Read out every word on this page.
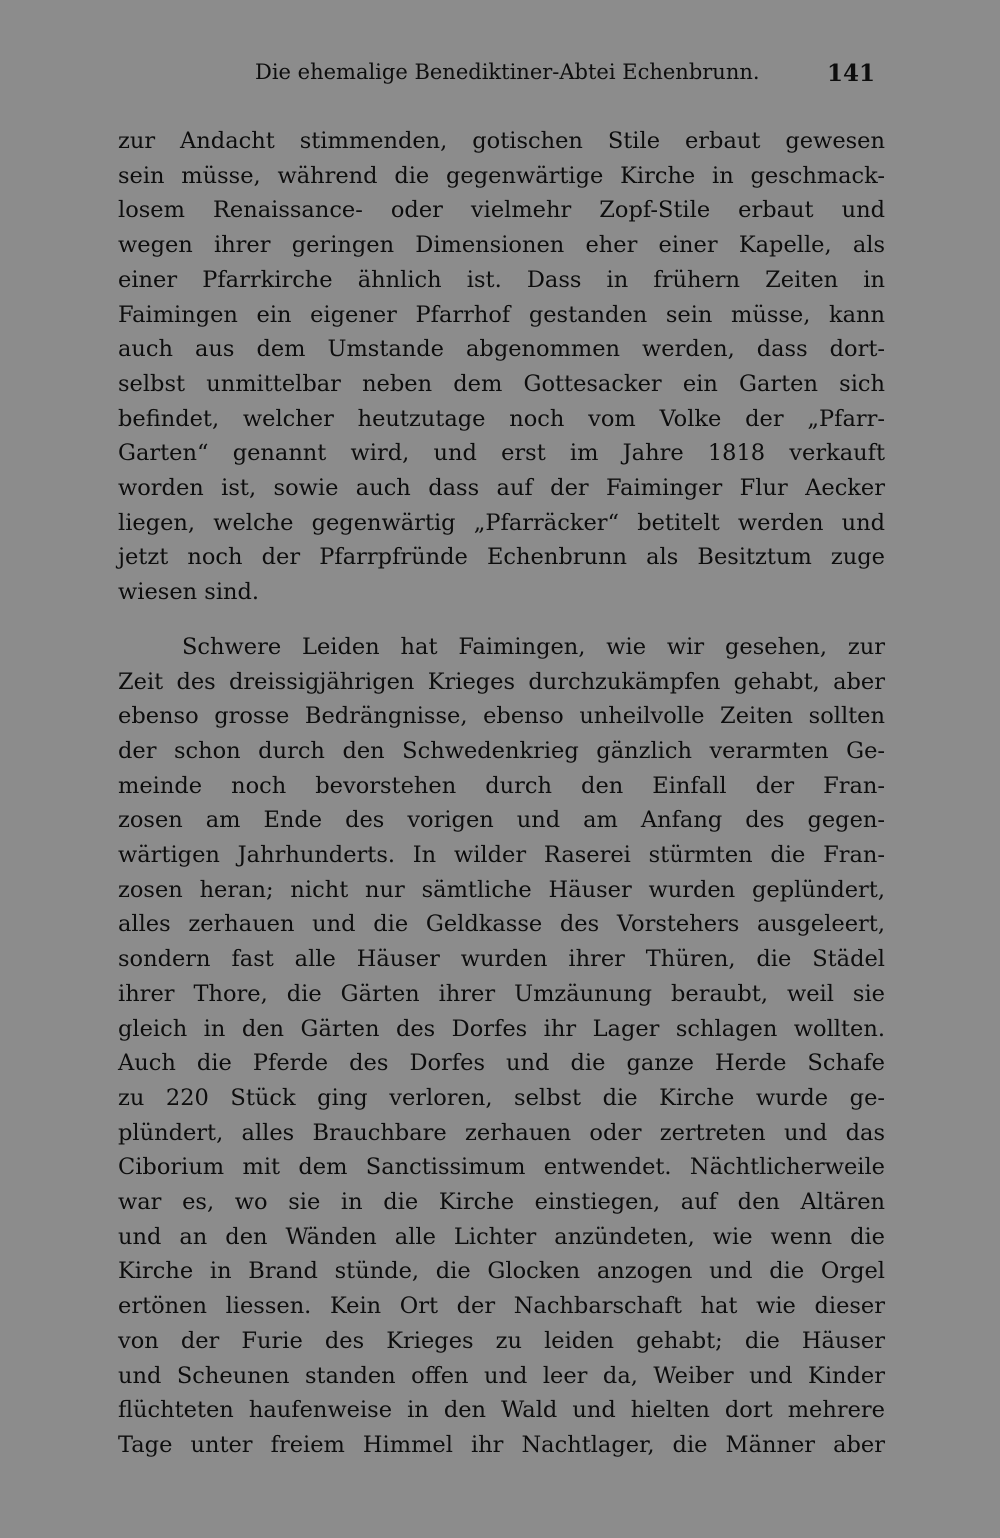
Die ehemalige Benediktiner-Abtei Echenbrunn.	141
zur Andacht stimmenden, gotischen Stile erbaut gewesen
sein müsse, während die gegenwärtige Kirche in geschmack-
losem Renaissance- oder vielmehr Zopf-Stile erbaut und
wegen ihrer geringen Dimensionen eher einer Kapelle, als
einer Pfarrkirche ähnlich ist. Dass in frühern Zeiten in
Faimingen ein eigener Pfarrhof gestanden sein müsse, kann
auch aus dem Umstande abgenommen werden, dass dort-
selbst unmittelbar neben dem Gottesacker ein Garten sich
befindet, welcher heutzutage noch vom Volke der „Pfarr-
Garten“ genannt wird, und erst im Jahre 1818 verkauft
worden ist, sowie auch dass auf der Faiminger Flur Aecker
liegen, welche gegenwärtig „Pfarräcker“ betitelt werden und
jetzt noch der Pfarrpfründe Echenbrunn als Besitztum zuge
wiesen sind.
Schwere Leiden hat Faimingen, wie wir gesehen, zur
Zeit des dreissigjährigen Krieges durchzukämpfen gehabt, aber
ebenso grosse Bedrängnisse, ebenso unheilvolle Zeiten sollten
der schon durch den Schwedenkrieg gänzlich verarmten Ge-
meinde noch bevorstehen durch den Einfall der Fran-
zosen am Ende des vorigen und am Anfang des gegen-
wärtigen Jahrhunderts. In wilder Raserei stürmten die Fran-
zosen heran; nicht nur sämtliche Häuser wurden geplündert,
alles zerhauen und die Geldkasse des Vorstehers ausgeleert,
sondern fast alle Häuser wurden ihrer Thüren, die Städel
ihrer Thore, die Gärten ihrer Umzäunung beraubt, weil sie
gleich in den Gärten des Dorfes ihr Lager schlagen wollten.
Auch die Pferde des Dorfes und die ganze Herde Schafe
zu 220 Stück ging verloren, selbst die Kirche wurde ge-
plündert, alles Brauchbare zerhauen oder zertreten und das
Ciborium mit dem Sanctissimum entwendet. Nächtlicherweile
war es, wo sie in die Kirche einstiegen, auf den Altären
und an den Wänden alle Lichter anzündeten, wie wenn die
Kirche in Brand stünde, die Glocken anzogen und die Orgel
ertönen liessen. Kein Ort der Nachbarschaft hat wie dieser
von der Furie des Krieges zu leiden gehabt; die Häuser
und Scheunen standen offen und leer da, Weiber und Kinder
flüchteten haufenweise in den Wald und hielten dort mehrere
Tage unter freiem Himmel ihr Nachtlager, die Männer aber
